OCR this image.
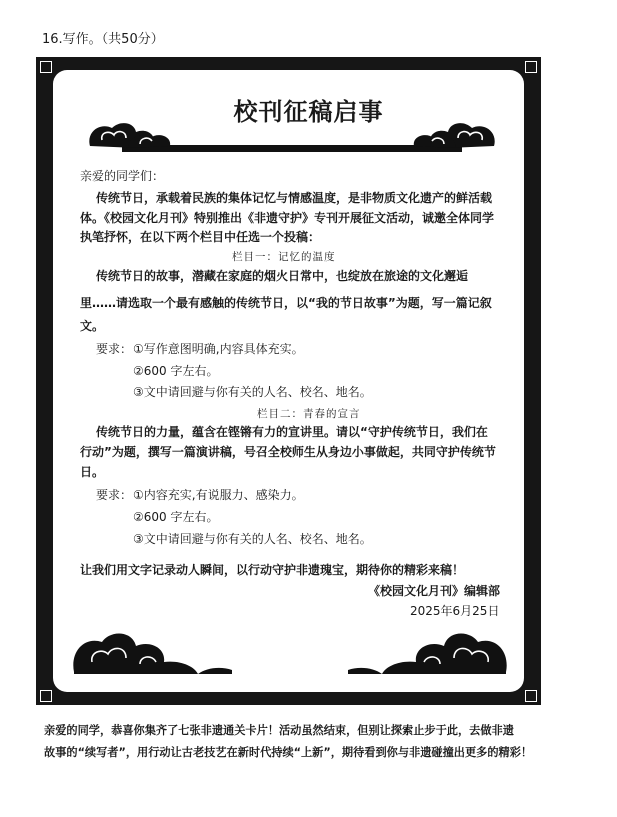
16.写作。（共50分）
校刊征稿启事
亲爱的同学们：
传统节日，承载着民族的集体记忆与情感温度，是非物质文化遗产的鲜活载
体。《校园文化月刊》特别推出《非遗守护》专刊开展征文活动，诚邀全体同学
执笔抒怀，在以下两个栏目中任选一个投稿：
栏目一：记忆的温度
传统节日的故事，潜藏在家庭的烟火日常中，也绽放在旅途的文化邂逅
里……请选取一个最有感触的传统节日，以“我的节日故事”为题，写一篇记叙
文。
要求： ①写作意图明确,内容具体充实。
②600 字左右。
③文中请回避与你有关的人名、校名、地名。
栏目二：青春的宣言
传统节日的力量，蕴含在铿锵有力的宣讲里。请以“守护传统节日，我们在
行动”为题，撰写一篇演讲稿，号召全校师生从身边小事做起，共同守护传统节
日。
要求： ①内容充实,有说服力、感染力。
②600 字左右。
③文中请回避与你有关的人名、校名、地名。
让我们用文字记录动人瞬间，以行动守护非遗瑰宝，期待你的精彩来稿！
《校园文化月刊》编辑部
2025年6月25日
亲爱的同学，恭喜你集齐了七张非遗通关卡片！活动虽然结束，但别让探索止步于此，去做非遗
故事的“续写者”，用行动让古老技艺在新时代持续“上新”，期待看到你与非遗碰撞出更多的精彩！
